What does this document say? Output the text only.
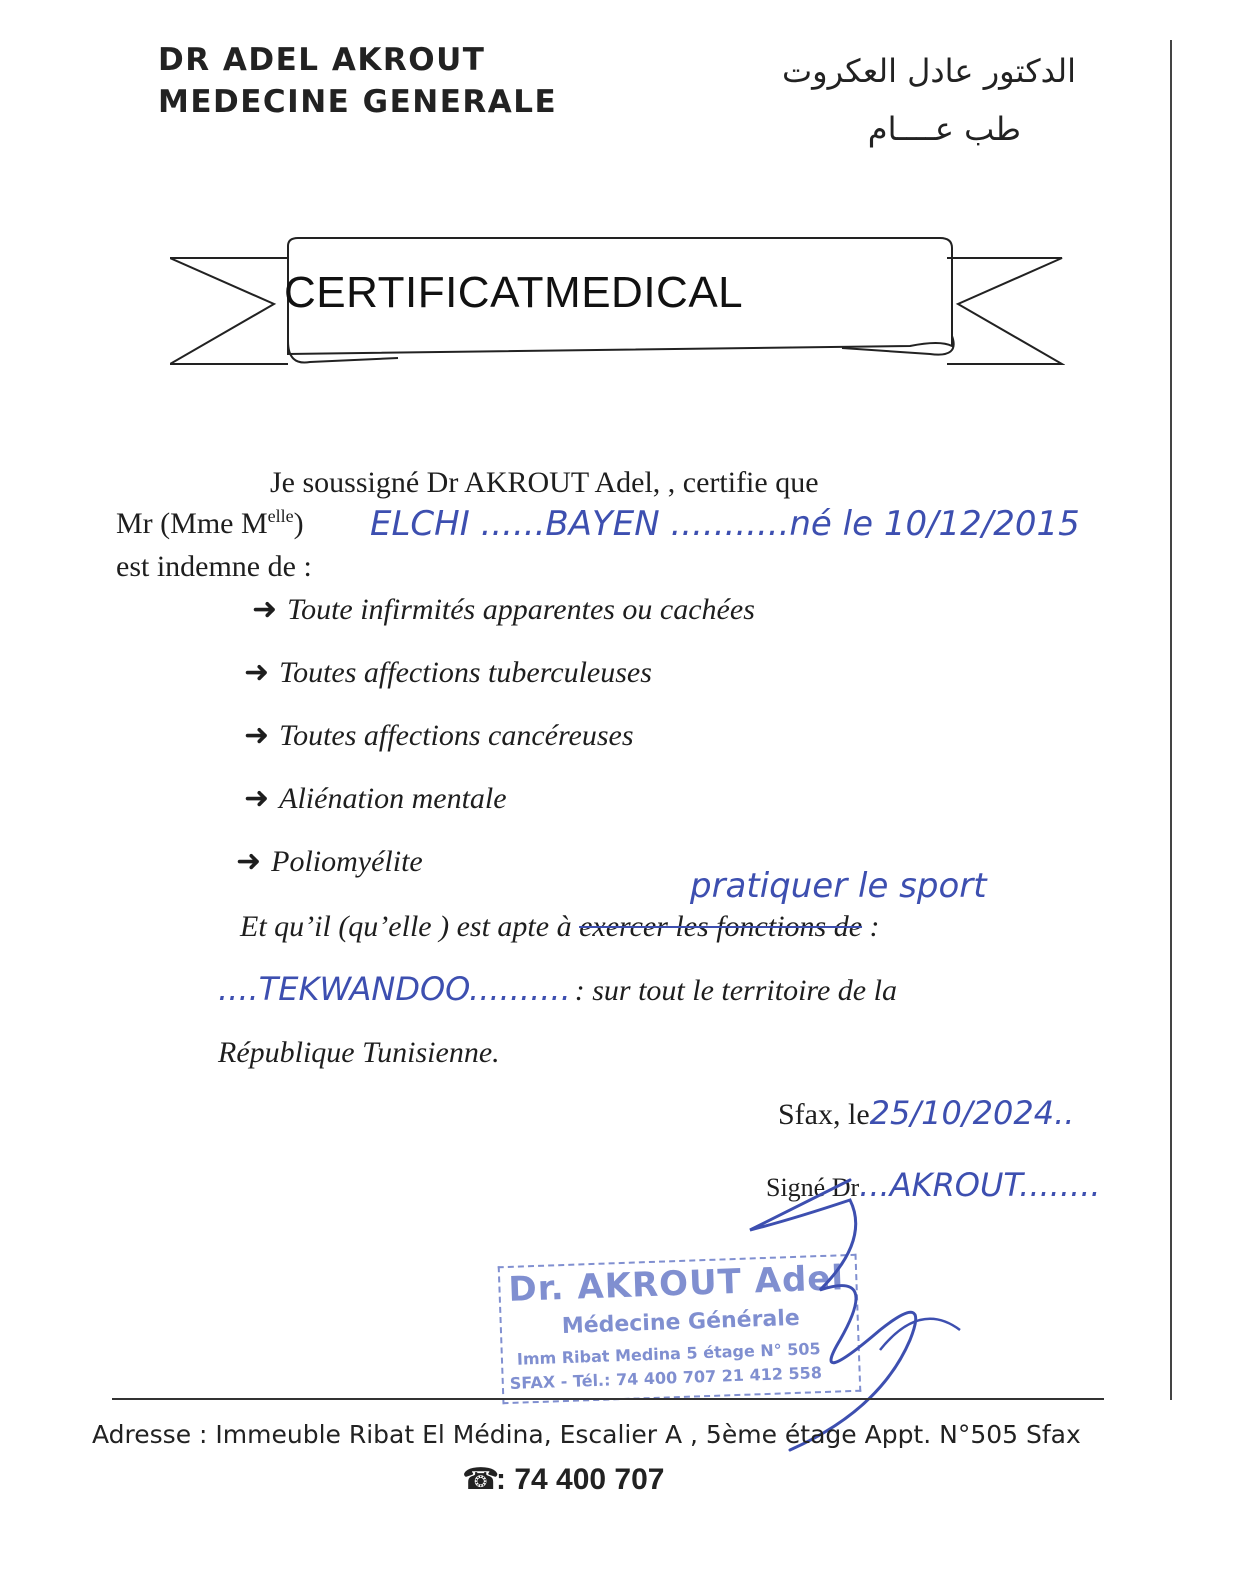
DR ADEL AKROUT
MEDECINE GENERALE
الدكتور عادل العكروت
طب عــــام
CERTIFICATMEDICAL
Je soussigné Dr AKROUT Adel, , certifie que
Mr (Mme $M^{elle}$) ELCHI ......BAYEN ...........né le 10/12/2015
est indemne de :
➜ Toute infirmités apparentes ou cachées
➜ Toutes affections tuberculeuses
➜ Toutes affections cancéreuses
➜ Aliénation mentale
➜ Poliomyélite
pratiquer le sport
Et qu’il (qu’elle ) est apte à exercer les fonctions de :
....TEKWANDOO.......... : sur tout le territoire de la
République Tunisienne.
Sfax, le25/10/2024..
Signé Dr...AKROUT........
Dr. AKROUT Adel
Médecine Générale
Imm Ribat Medina 5 étage N° 505
SFAX - Tél.: 74 400 707 21 412 558
Adresse : Immeuble Ribat El Médina, Escalier A , 5ème étage Appt. N°505 Sfax
☎: 74 400 707
